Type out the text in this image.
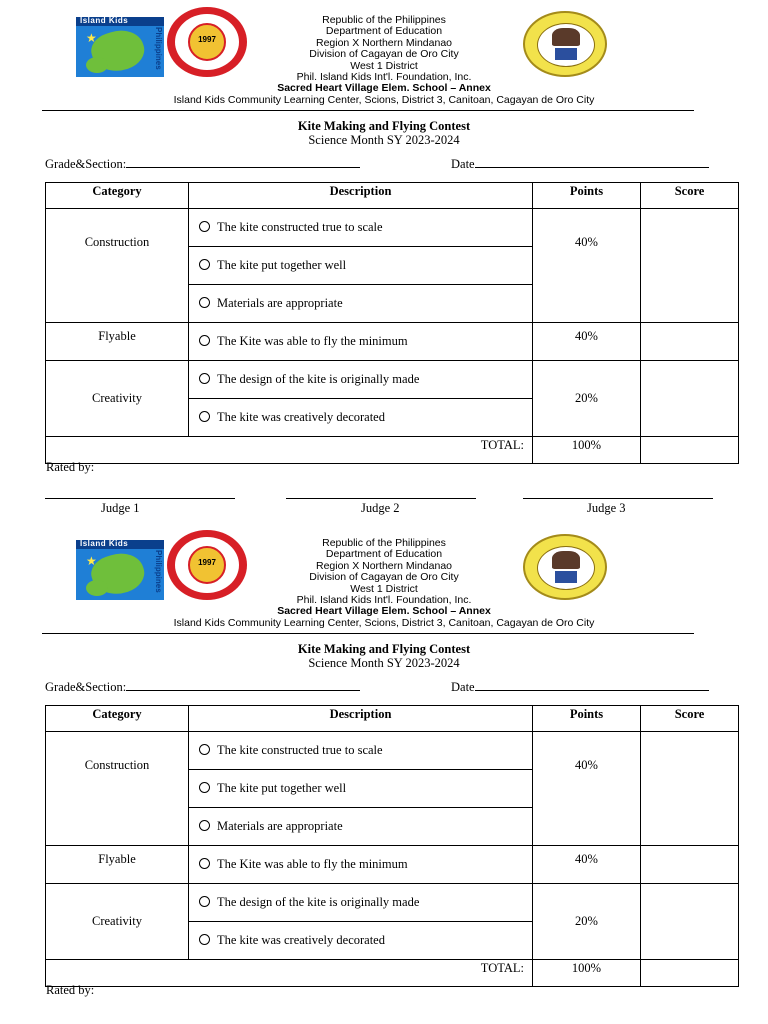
Island Kids
★	Philippines	1997
Republic of the Philippines
Department of Education
Region X Northern Mindanao
Division of Cagayan de Oro City
West 1 District
Phil. Island Kids Int'l. Foundation, Inc.
Sacred Heart Village Elem. School – Annex
Island Kids Community Learning Center, Scions, District 3, Canitoan, Cagayan de Oro City
Kite Making and Flying Contest
Science Month SY 2023-2024
Grade&Section:	Date
Category	Description	Points	Score
Construction	The kite constructed true to scale	40%	
	The kite put together well		
	Materials are appropriate		
Flyable	The Kite was able to fly the minimum	40%	
Creativity	The design of the kite is originally made	20%	
	The kite was creatively decorated		
TOTAL:		100%	
Rated by:
Judge 1	Judge 2	Judge 3
Island Kids
★	Philippines	1997
Republic of the Philippines
Department of Education
Region X Northern Mindanao
Division of Cagayan de Oro City
West 1 District
Phil. Island Kids Int'l. Foundation, Inc.
Sacred Heart Village Elem. School – Annex
Island Kids Community Learning Center, Scions, District 3, Canitoan, Cagayan de Oro City
Kite Making and Flying Contest
Science Month SY 2023-2024
Grade&Section:	Date
Category	Description	Points	Score
Construction	The kite constructed true to scale	40%	
	The kite put together well		
	Materials are appropriate		
Flyable	The Kite was able to fly the minimum	40%	
Creativity	The design of the kite is originally made	20%	
	The kite was creatively decorated		
TOTAL:		100%	
Rated by:
